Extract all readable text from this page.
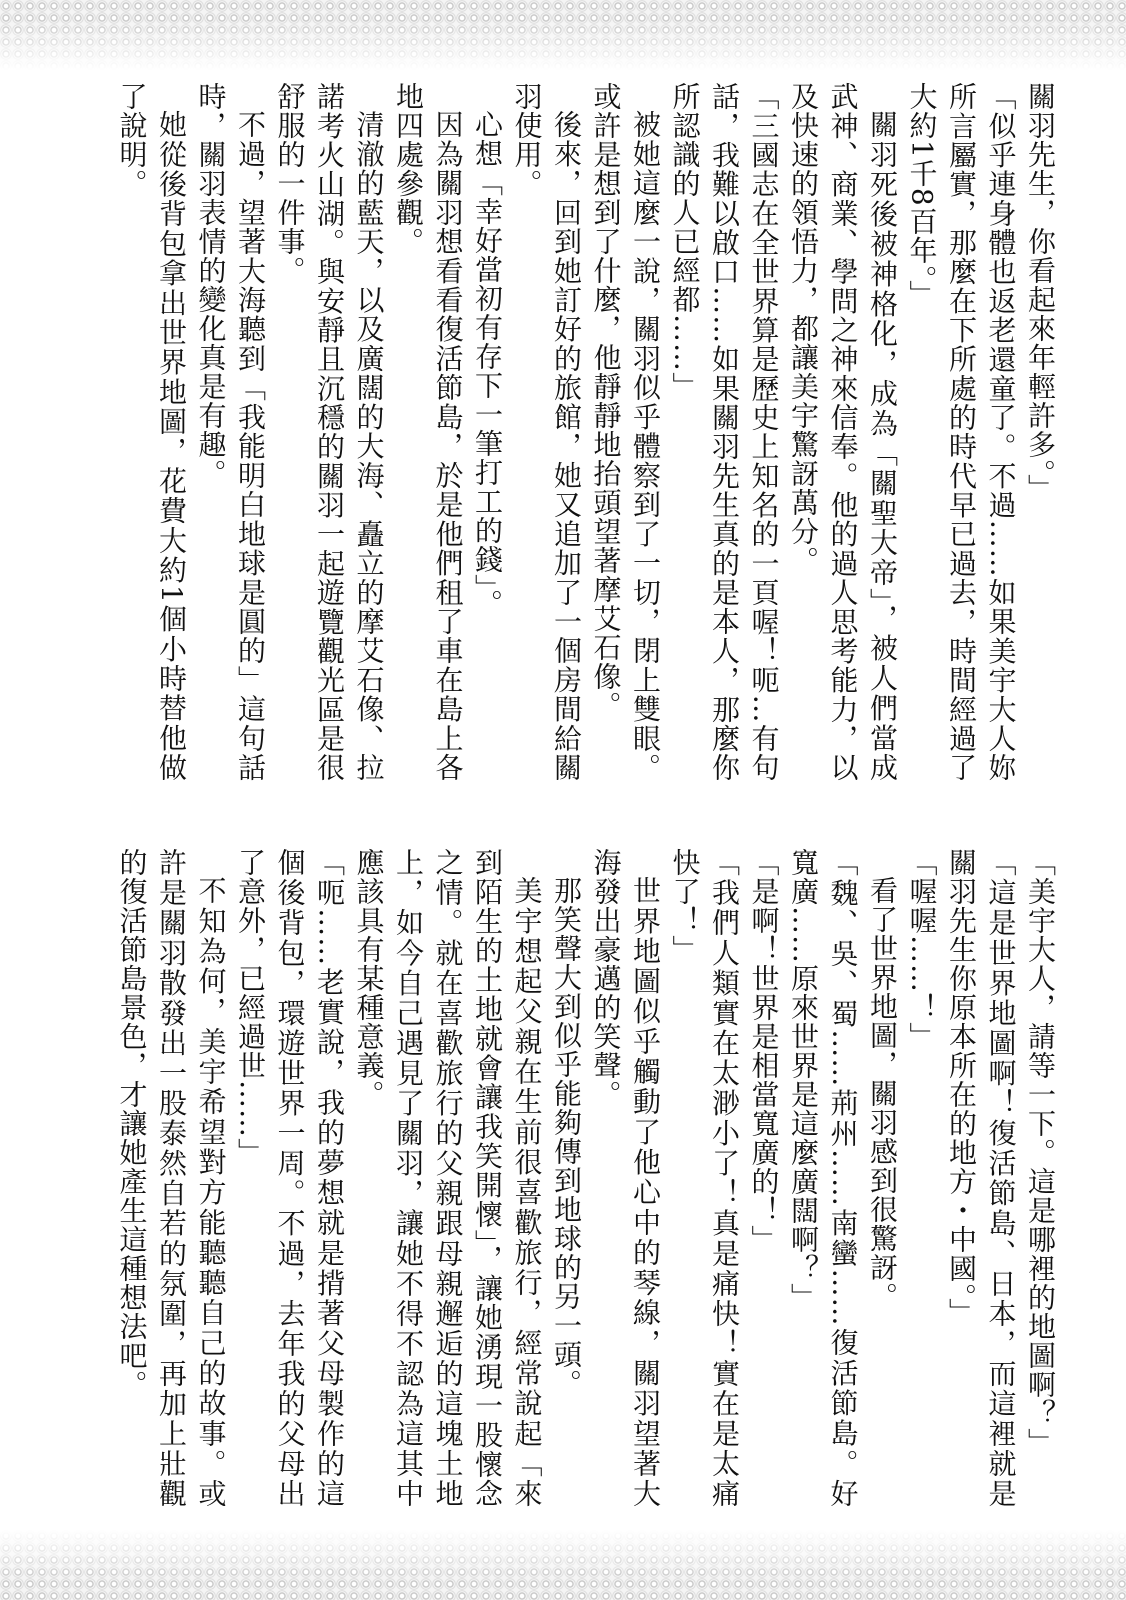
關羽先生，你看起來年輕許多。」

「似乎連身體也返老還童了。不過……如果美宇大人妳所言屬實，那麼在下所處的時代早已過去，時間經過了大約1千8百年。」

關羽死後被神格化，成為「關聖大帝」，被人們當成武神、商業、學問之神來信奉。他的過人思考能力，以及快速的領悟力，都讓美宇驚訝萬分。

「三國志在全世界算是歷史上知名的一頁喔！呃…有句話，我難以啟口……如果關羽先生真的是本人，那麼你所認識的人已經都……」

被她這麼一說，關羽似乎體察到了一切，閉上雙眼。或許是想到了什麼，他靜靜地抬頭望著摩艾石像。

後來，回到她訂好的旅館，她又追加了一個房間給關羽使用。

心想「幸好當初有存下一筆打工的錢」。

因為關羽想看看復活節島，於是他們租了車在島上各地四處參觀。

清澈的藍天，以及廣闊的大海、矗立的摩艾石像、拉諾考火山湖。與安靜且沉穩的關羽一起遊覽觀光區是很舒服的一件事。

不過，望著大海聽到「我能明白地球是圓的」這句話時，關羽表情的變化真是有趣。

她從後背包拿出世界地圖，花費大約1個小時替他做了說明。

「美宇大人，請等一下。這是哪裡的地圖啊？」

「這是世界地圖啊！復活節島、日本，而這裡就是關羽先生你原本所在的地方・中國。」

「喔喔……！」

看了世界地圖，關羽感到很驚訝。

「魏、吳、蜀……荊州……南蠻……復活節島。好寬廣……原來世界是這麼廣闊啊？」

「是啊！世界是相當寬廣的！」

「我們人類實在太渺小了！真是痛快！實在是太痛快了！」

世界地圖似乎觸動了他心中的琴線，關羽望著大海發出豪邁的笑聲。

那笑聲大到似乎能夠傳到地球的另一頭。

美宇想起父親在生前很喜歡旅行，經常說起「來到陌生的土地就會讓我笑開懷」，讓她湧現一股懷念之情。就在喜歡旅行的父親跟母親邂逅的這塊土地上，如今自己遇見了關羽，讓她不得不認為這其中應該具有某種意義。

「呃……老實說，我的夢想就是揹著父母製作的這個後背包，環遊世界一周。不過，去年我的父母出了意外，已經過世……」

不知為何，美宇希望對方能聽聽自己的故事。或許是關羽散發出一股泰然自若的氛圍，再加上壯觀的復活節島景色，才讓她產生這種想法吧。
